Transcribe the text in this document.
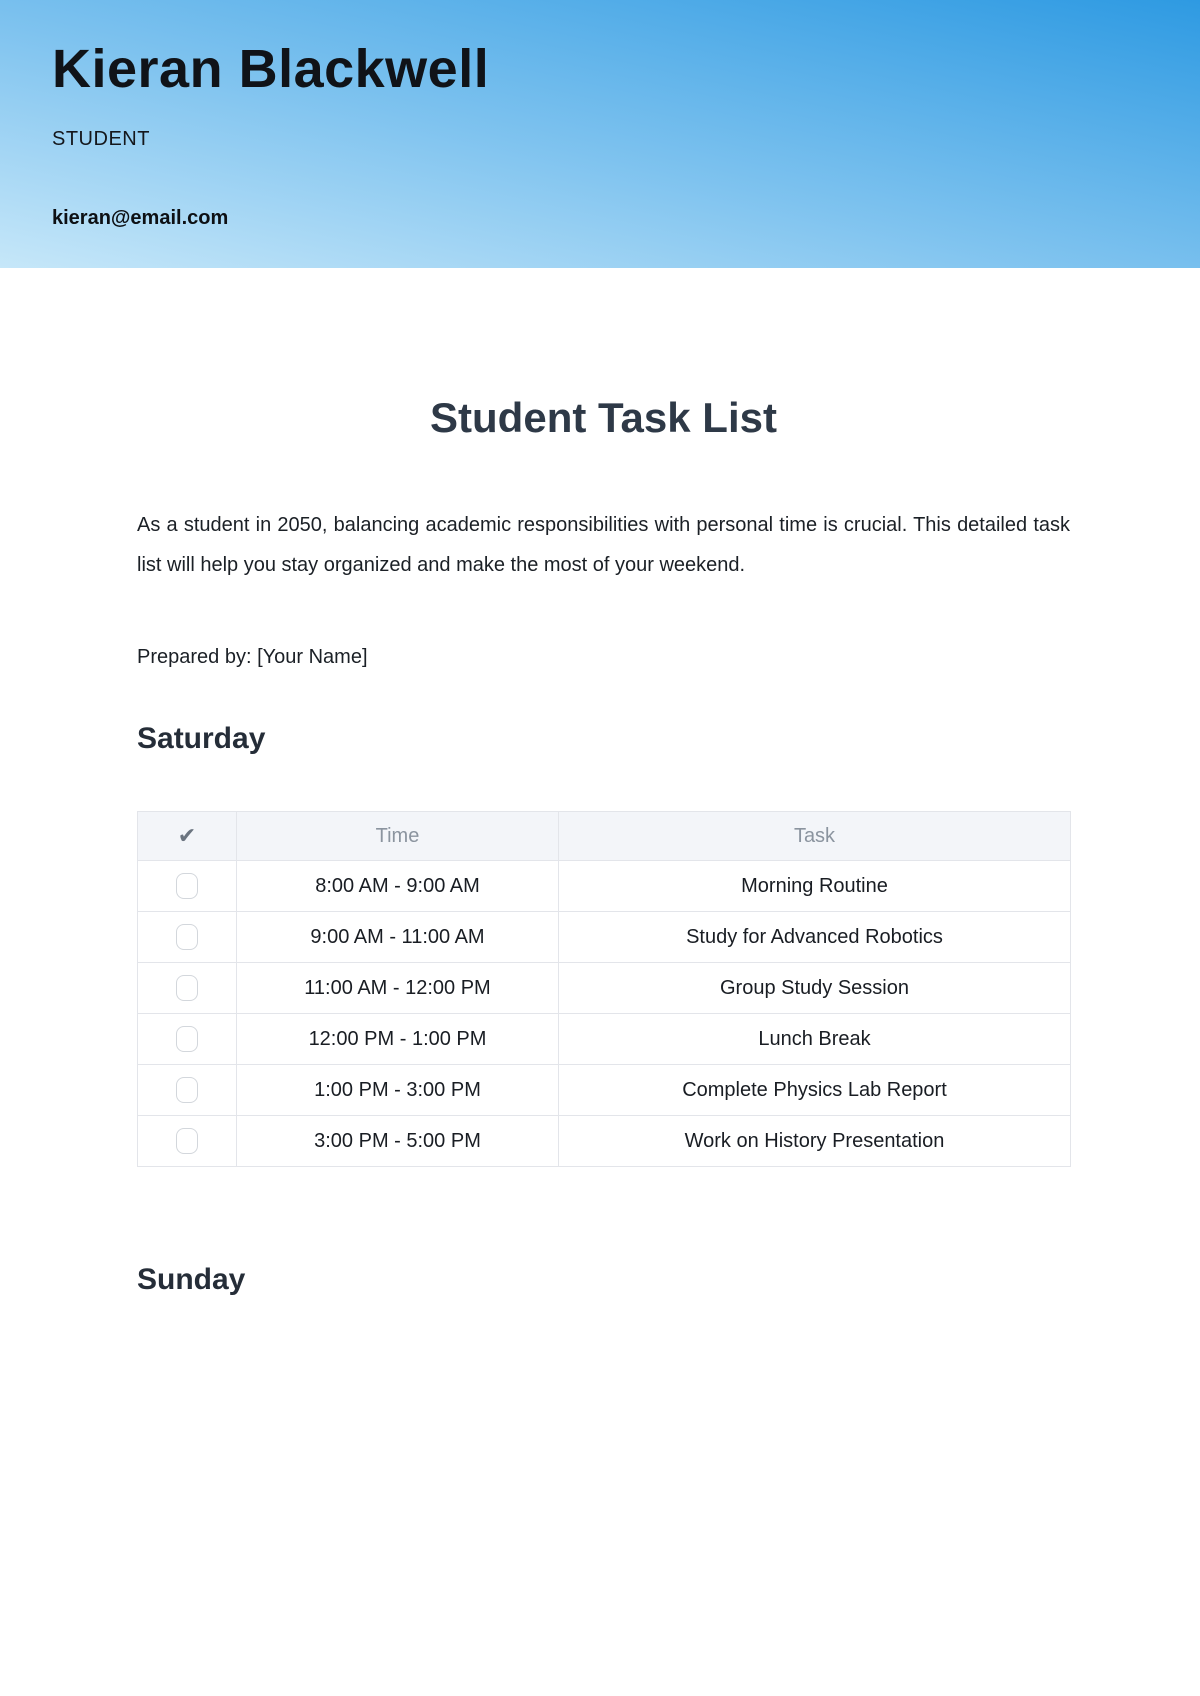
Kieran Blackwell
STUDENT
kieran@email.com
Student Task List

As a student in 2050, balancing academic responsibilities with personal time is crucial. This detailed task list will help you stay organized and make the most of your weekend.

Prepared by: [Your Name]

Saturday
✔	Time	Task
	8:00 AM - 9:00 AM	Morning Routine
	9:00 AM - 11:00 AM	Study for Advanced Robotics
	11:00 AM - 12:00 PM	Group Study Session
	12:00 PM - 1:00 PM	Lunch Break
	1:00 PM - 3:00 PM	Complete Physics Lab Report
	3:00 PM - 5:00 PM	Work on History Presentation
Sunday
